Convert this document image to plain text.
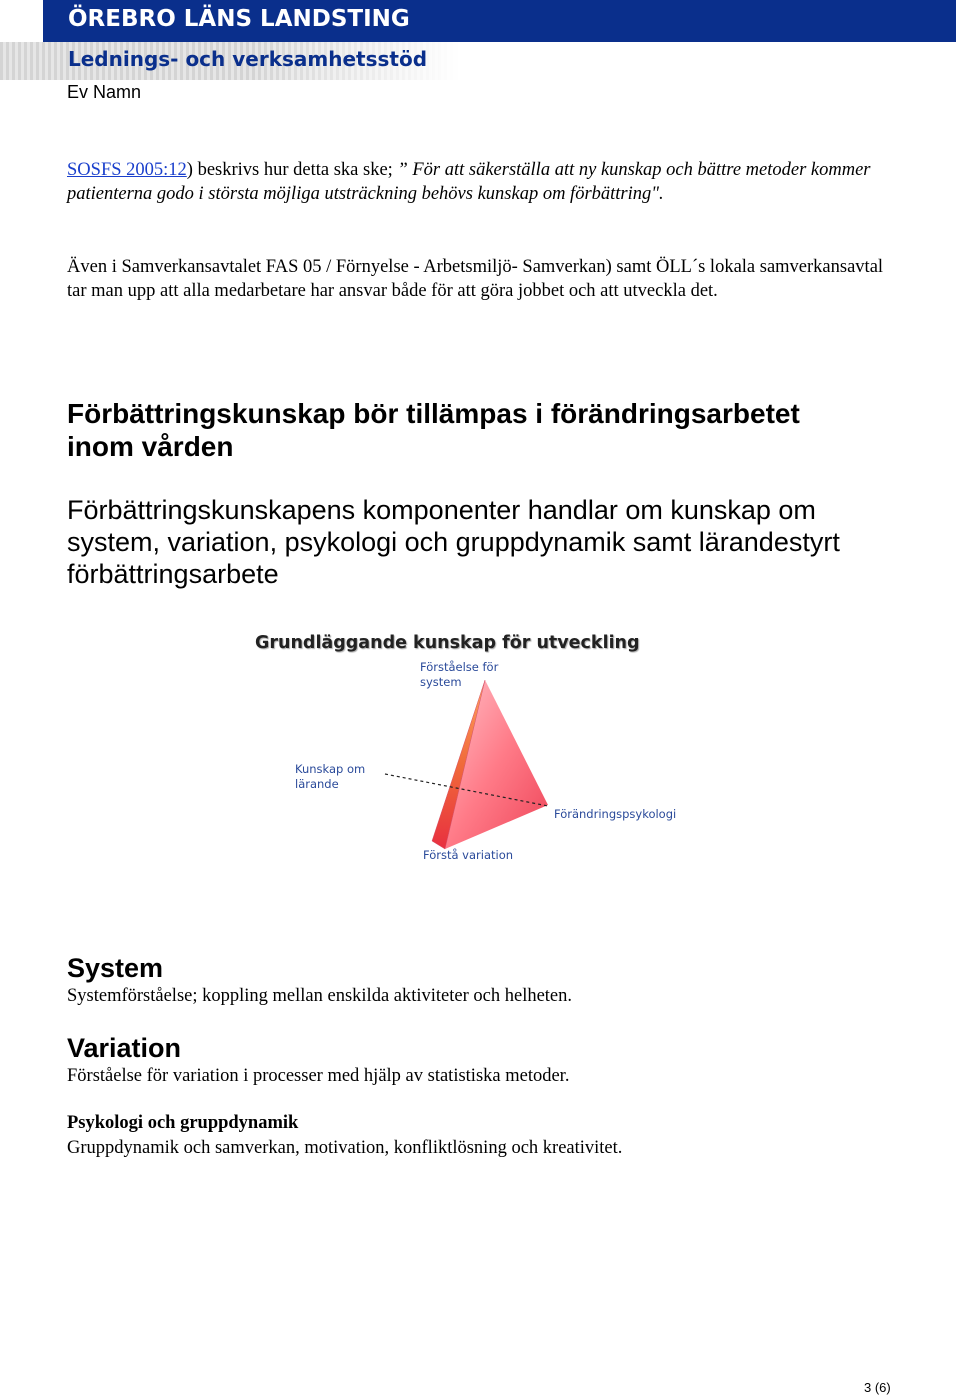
ÖREBRO LÄNS LANDSTING
Lednings- och verksamhetsstöd
Ev Namn
SOSFS 2005:12) beskrivs hur detta ska ske; ” För att säkerställa att ny kunskap och bättre metoder kommer patienterna godo i största möjliga utsträckning behövs kunskap om förbättring".
Även i Samverkansavtalet FAS 05 / Förnyelse - Arbetsmiljö- Samverkan) samt ÖLL´s lokala samverkansavtal tar man upp att alla medarbetare har ansvar både för att göra jobbet och att utveckla det.
Förbättringskunskap bör tillämpas i förändringsarbetet inom vården
Förbättringskunskapens komponenter handlar om kunskap om system, variation, psykologi och gruppdynamik samt lärandestyrt förbättringsarbete
Grundläggande kunskap för utveckling
Förståelse för system
Kunskap om lärande
Förändringspsykologi
Förstå variation
System
Systemförståelse; koppling mellan enskilda aktiviteter och helheten.
Variation
Förståelse för variation i processer med hjälp av statistiska metoder.
Psykologi och gruppdynamik
Gruppdynamik och samverkan, motivation, konfliktlösning och kreativitet.
3 (6)
